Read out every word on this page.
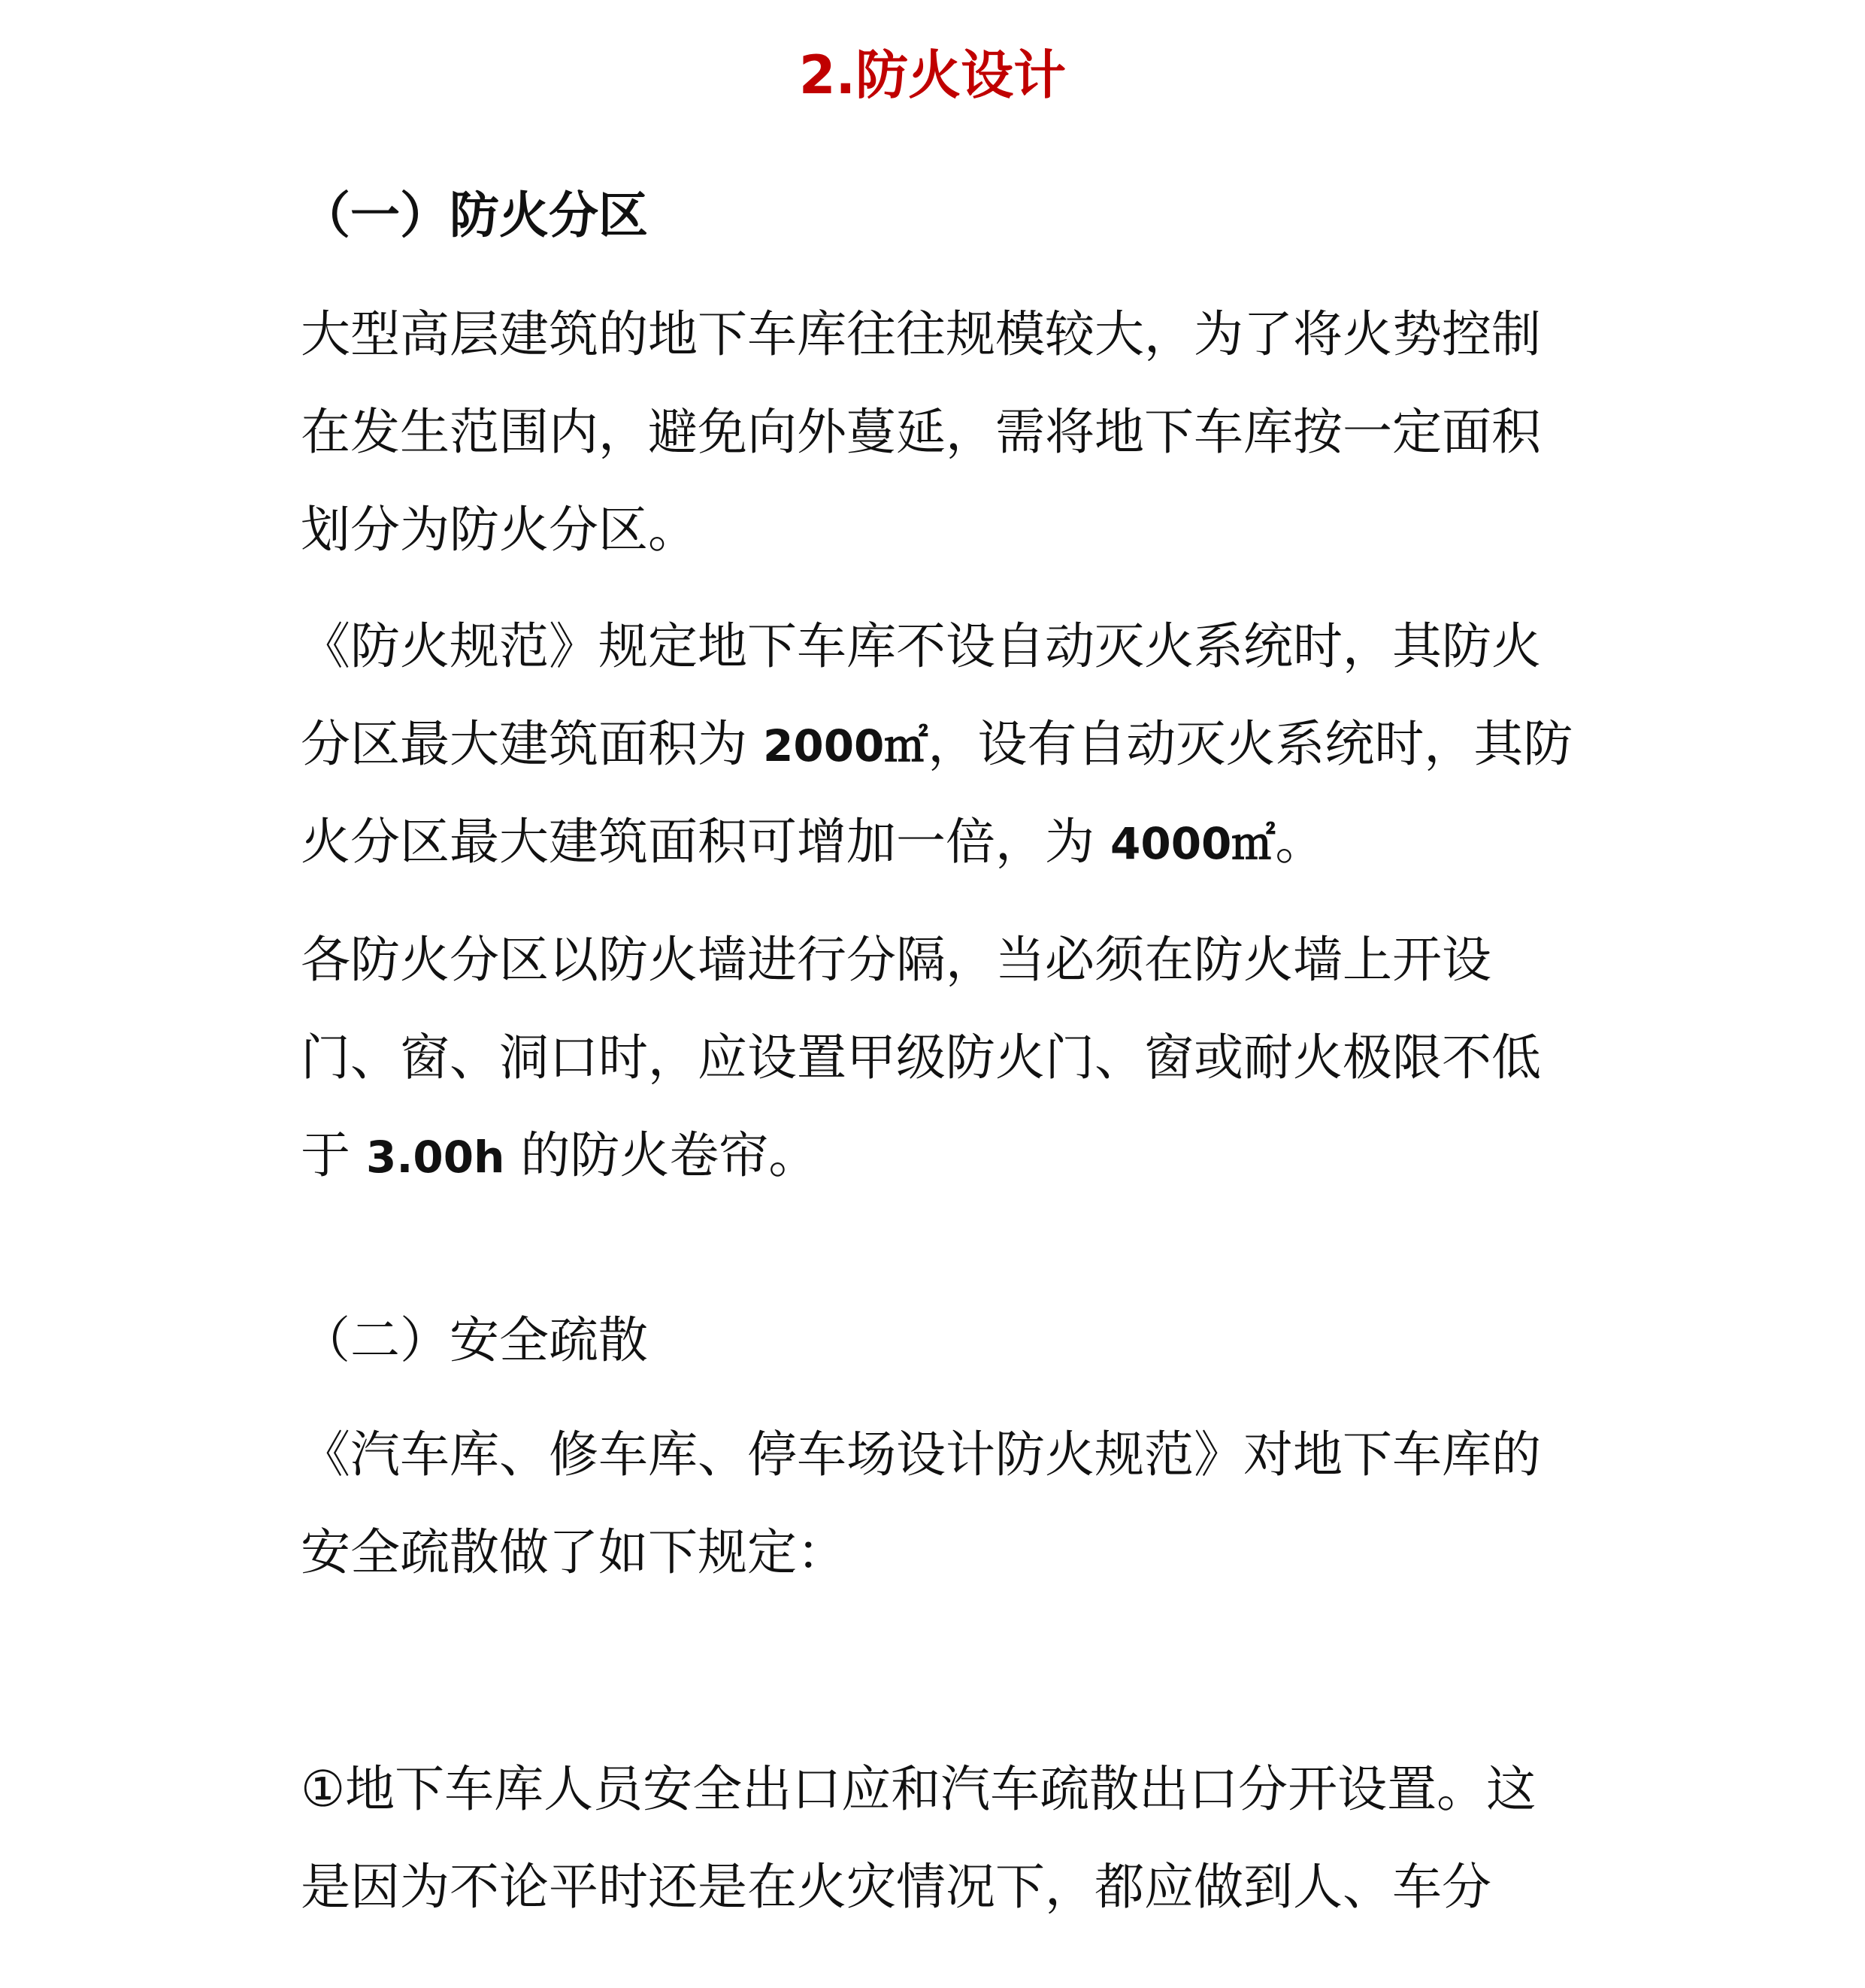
2.防火设计
（一）防火分区
大型高层建筑的地下车库往往规模较大，为了将火势控制
在发生范围内，避免向外蔓延，需将地下车库按一定面积
划分为防火分区。
《防火规范》规定地下车库不设自动灭火系统时，其防火
分区最大建筑面积为 2000㎡，设有自动灭火系统时，其防
火分区最大建筑面积可增加一倍，为 4000㎡。
各防火分区以防火墙进行分隔，当必须在防火墙上开设
门、窗、洞口时，应设置甲级防火门、窗或耐火极限不低
于 3.00h 的防火卷帘。
（二）安全疏散
《汽车库、修车库、停车场设计防火规范》对地下车库的
安全疏散做了如下规定：
①地下车库人员安全出口应和汽车疏散出口分开设置。这
是因为不论平时还是在火灾情况下，都应做到人、车分
